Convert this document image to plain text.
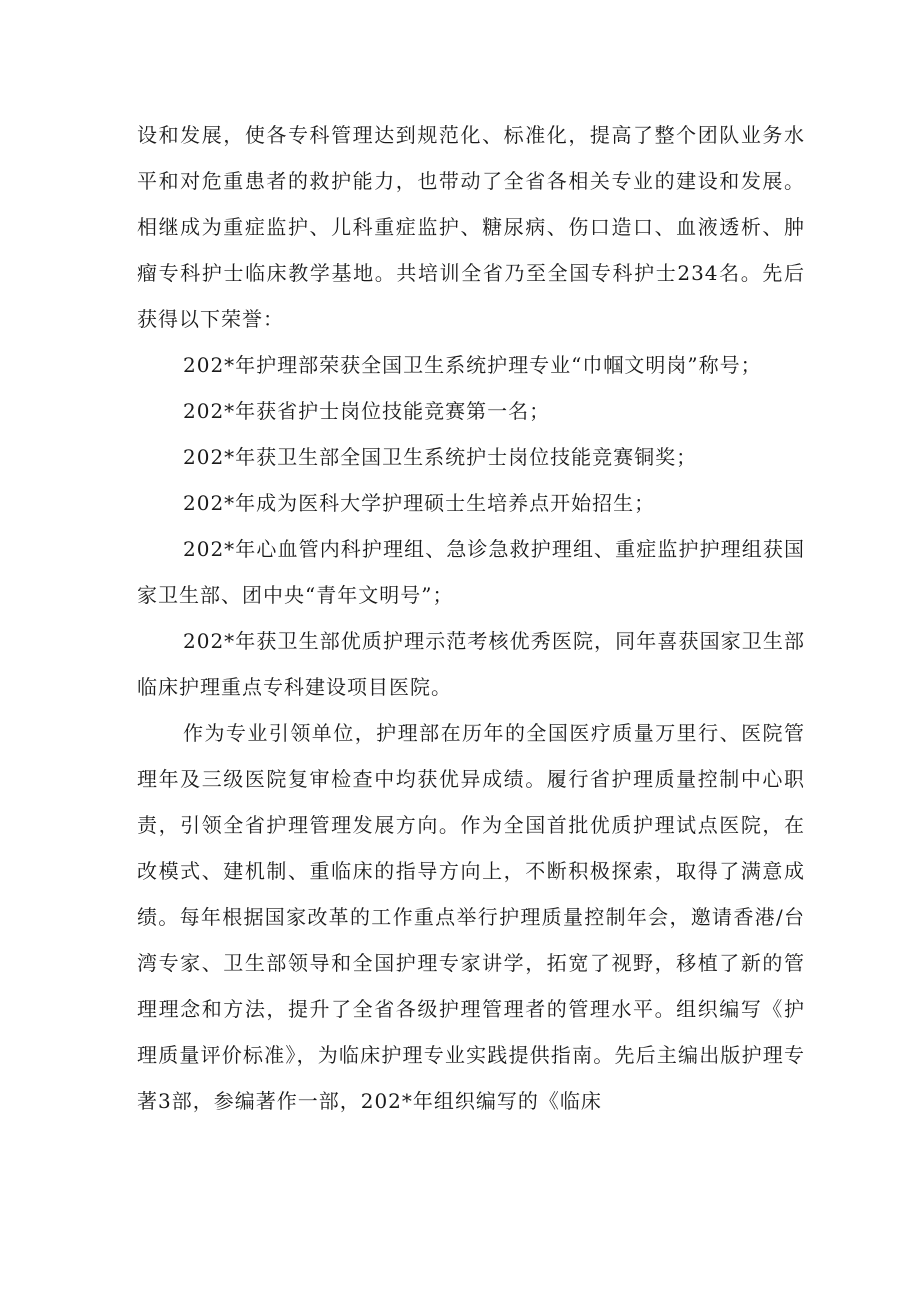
设和发展，使各专科管理达到规范化、标准化，提高了整个团队业务水平和对危重患者的救护能力，也带动了全省各相关专业的建设和发展。相继成为重症监护、儿科重症监护、糖尿病、伤口造口、血液透析、肿瘤专科护士临床教学基地。共培训全省乃至全国专科护士234名。先后获得以下荣誉：

202*年护理部荣获全国卫生系统护理专业“巾帼文明岗”称号；

202*年获省护士岗位技能竞赛第一名；

202*年获卫生部全国卫生系统护士岗位技能竞赛铜奖；

202*年成为医科大学护理硕士生培养点开始招生；

202*年心血管内科护理组、急诊急救护理组、重症监护护理组获国家卫生部、团中央“青年文明号”；

202*年获卫生部优质护理示范考核优秀医院，同年喜获国家卫生部临床护理重点专科建设项目医院。

作为专业引领单位，护理部在历年的全国医疗质量万里行、医院管理年及三级医院复审检查中均获优异成绩。履行省护理质量控制中心职责，引领全省护理管理发展方向。作为全国首批优质护理试点医院，在改模式、建机制、重临床的指导方向上，不断积极探索，取得了满意成绩。每年根据国家改革的工作重点举行护理质量控制年会，邀请香港/台湾专家、卫生部领导和全国护理专家讲学，拓宽了视野，移植了新的管理理念和方法，提升了全省各级护理管理者的管理水平。组织编写《护理质量评价标准》，为临床护理专业实践提供指南。先后主编出版护理专著3部，参编著作一部，202*年组织编写的《临床
